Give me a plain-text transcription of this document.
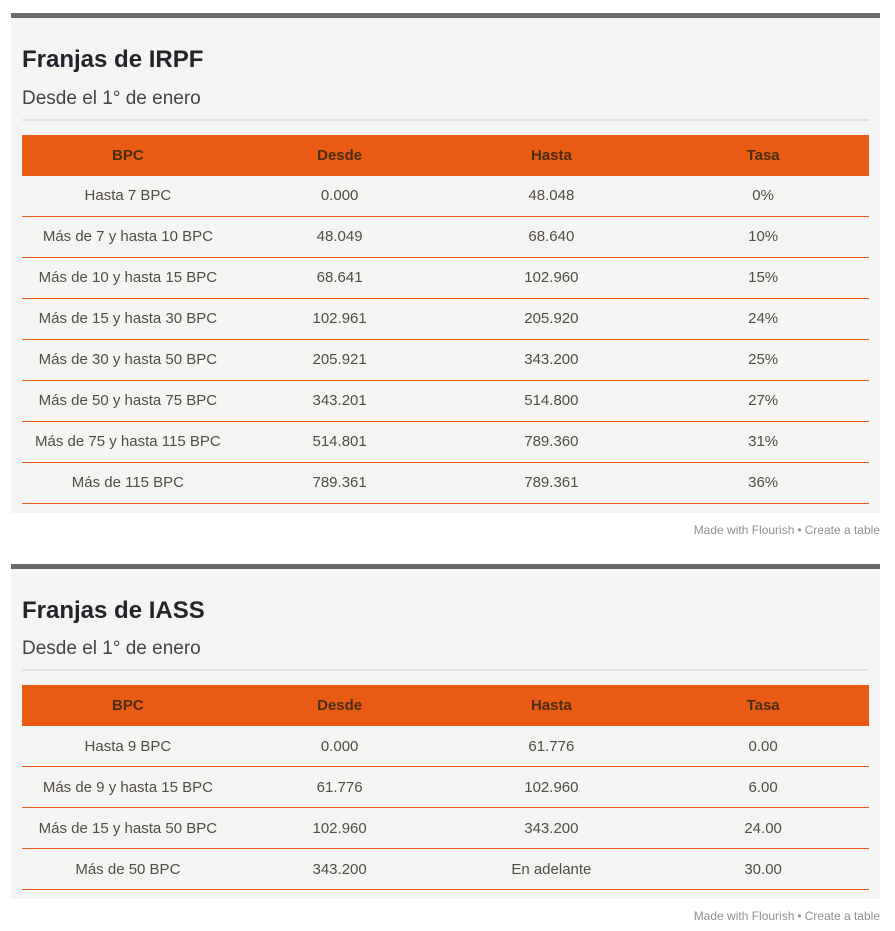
Franjas de IRPF

Desde el 1° de enero

BPC	Desde	Hasta	Tasa
Hasta 7 BPC	0.000	48.048	0%
Más de 7 y hasta 10 BPC	48.049	68.640	10%
Más de 10 y hasta 15 BPC	68.641	102.960	15%
Más de 15 y hasta 30 BPC	102.961	205.920	24%
Más de 30 y hasta 50 BPC	205.921	343.200	25%
Más de 50 y hasta 75 BPC	343.201	514.800	27%
Más de 75 y hasta 115 BPC	514.801	789.360	31%
Más de 115 BPC	789.361	789.361	36%
Made with Flourish • Create a table
Franjas de IASS

Desde el 1° de enero

BPC	Desde	Hasta	Tasa
Hasta 9 BPC	0.000	61.776	0.00
Más de 9 y hasta 15 BPC	61.776	102.960	6.00
Más de 15 y hasta 50 BPC	102.960	343.200	24.00
Más de 50 BPC	343.200	En adelante	30.00
Made with Flourish • Create a table
